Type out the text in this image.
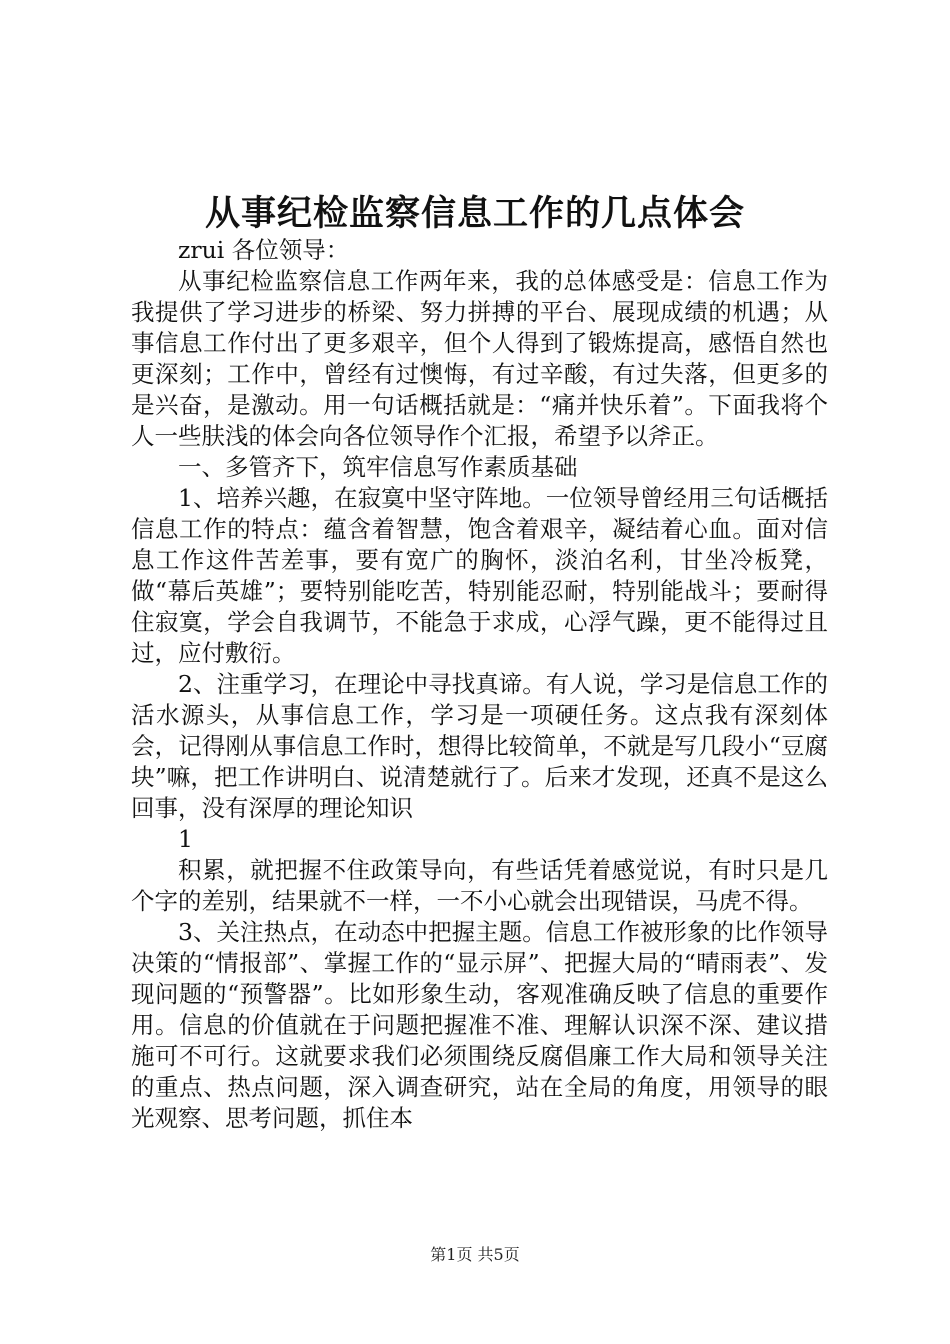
从事纪检监察信息工作的几点体会

zrui 各位领导：

从事纪检监察信息工作两年来，我的总体感受是：信息工作为我提供了学习进步的桥梁、努力拼搏的平台、展现成绩的机遇；从事信息工作付出了更多艰辛，但个人得到了锻炼提高，感悟自然也更深刻；工作中，曾经有过懊悔，有过辛酸，有过失落，但更多的是兴奋，是激动。用一句话概括就是：“痛并快乐着”。下面我将个人一些肤浅的体会向各位领导作个汇报，希望予以斧正。

一、多管齐下，筑牢信息写作素质基础

1、培养兴趣，在寂寞中坚守阵地。一位领导曾经用三句话概括信息工作的特点：蕴含着智慧，饱含着艰辛，凝结着心血。面对信息工作这件苦差事，要有宽广的胸怀，淡泊名利，甘坐冷板凳，做“幕后英雄”；要特别能吃苦，特别能忍耐，特别能战斗；要耐得住寂寞，学会自我调节，不能急于求成，心浮气躁，更不能得过且过，应付敷衍。

2、注重学习，在理论中寻找真谛。有人说，学习是信息工作的活水源头，从事信息工作，学习是一项硬任务。这点我有深刻体会，记得刚从事信息工作时，想得比较简单，不就是写几段小“豆腐块”嘛，把工作讲明白、说清楚就行了。后来才发现，还真不是这么回事，没有深厚的理论知识

1

积累，就把握不住政策导向，有些话凭着感觉说，有时只是几个字的差别，结果就不一样，一不小心就会出现错误，马虎不得。

3、关注热点，在动态中把握主题。信息工作被形象的比作领导决策的“情报部”、掌握工作的“显示屏”、把握大局的“晴雨表”、发现问题的“预警器”。比如形象生动，客观准确反映了信息的重要作用。信息的价值就在于问题把握准不准、理解认识深不深、建议措施可不可行。这就要求我们必须围绕反腐倡廉工作大局和领导关注的重点、热点问题，深入调查研究，站在全局的角度，用领导的眼光观察、思考问题，抓住本

第1页 共5页
